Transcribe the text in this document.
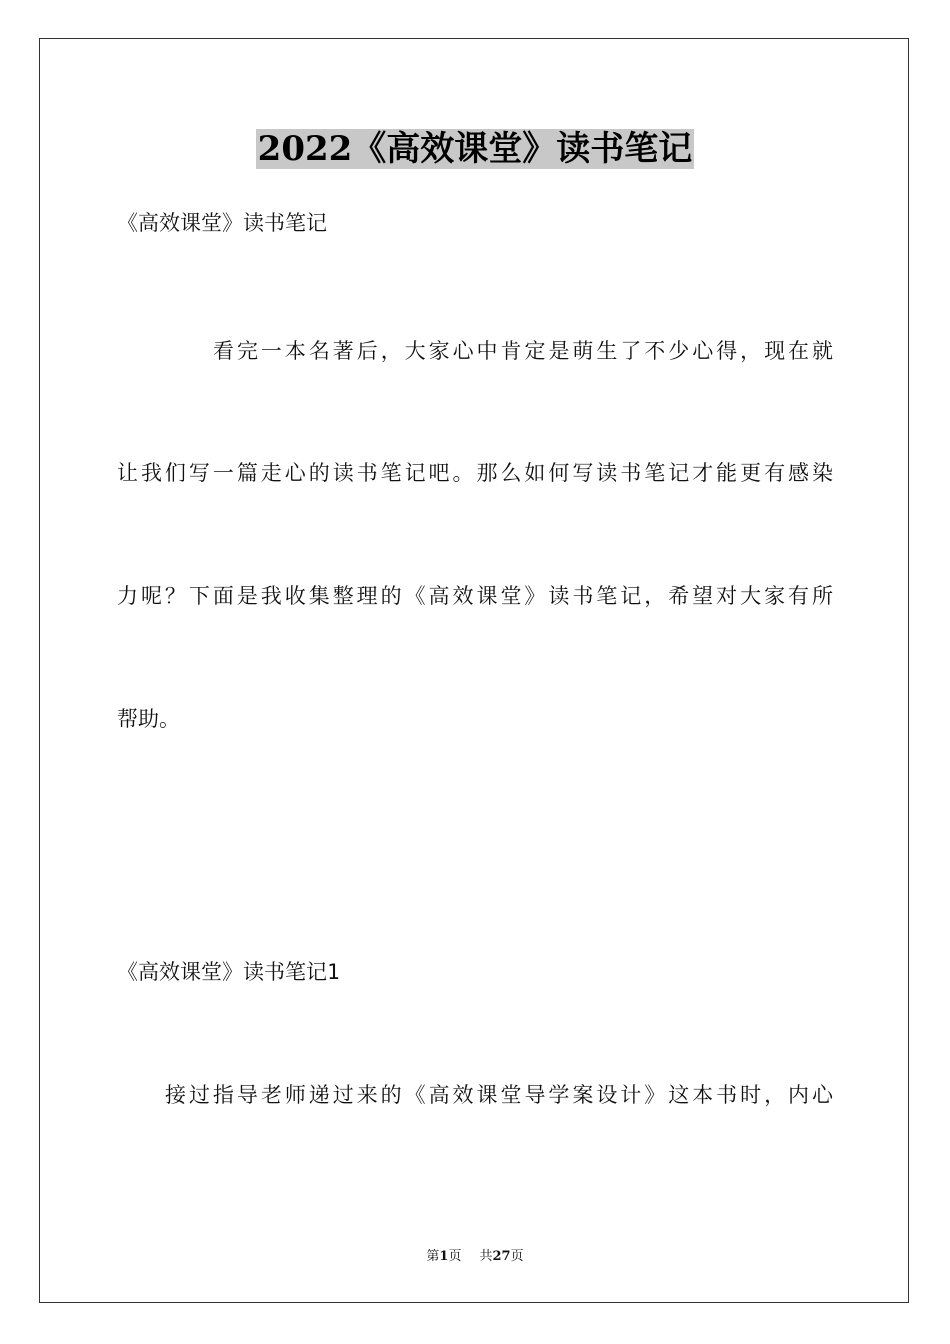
2022《高效课堂》读书笔记
《高效课堂》读书笔记
看完一本名著后，大家心中肯定是萌生了不少心得，现在就
让我们写一篇走心的读书笔记吧。那么如何写读书笔记才能更有感染
力呢？下面是我收集整理的《高效课堂》读书笔记，希望对大家有所
帮助。
《高效课堂》读书笔记1
接过指导老师递过来的《高效课堂导学案设计》这本书时，内心
第1页 共27页
